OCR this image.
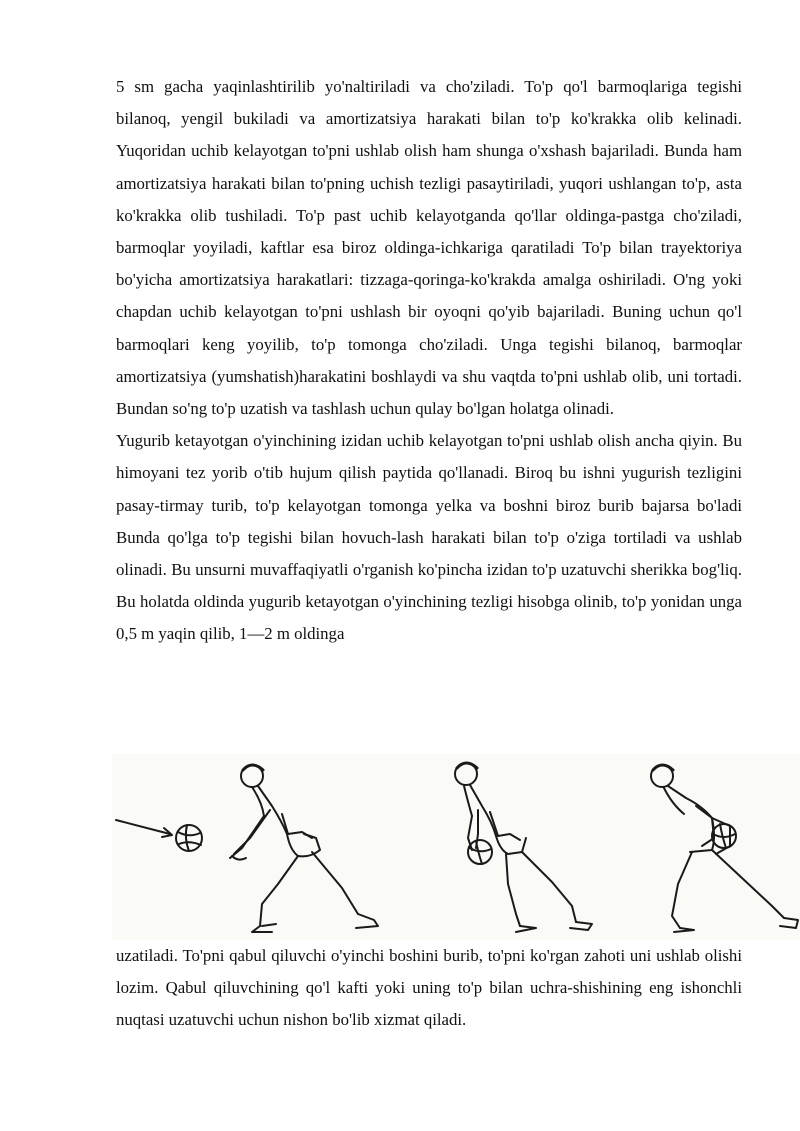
5 sm gacha yaqinlashtirilib yo'naltiriladi va cho'ziladi. To'p qo'l barmoqlariga tegishi bilanoq, yengil bukiladi va amortizatsiya harakati bilan to'p ko'krakka olib kelinadi. Yuqoridan uchib kelayotgan to'pni ushlab olish ham shunga o'xshash bajariladi. Bunda ham amortizatsiya harakati bilan to'pning uchish tezligi pasaytiriladi, yuqori ushlangan to'p, asta ko'krakka olib tushiladi. To'p past uchib kelayotganda qo'llar oldinga-pastga cho'ziladi, barmoqlar yoyiladi, kaftlar esa biroz oldinga-ichkariga qaratiladi To'p bilan trayektoriya bo'yicha amortizatsiya harakatlari: tizzaga-qoringa-ko'krakda amalga oshiriladi. O'ng yoki chapdan uchib kelayotgan to'pni ushlash bir oyoqni qo'yib bajariladi. Buning uchun qo'l barmoqlari keng yoyilib, to'p tomonga cho'ziladi. Unga tegishi bilanoq, barmoqlar amortizatsiya (yumshatish)harakatini boshlaydi va shu vaqtda to'pni ushlab olib, uni tortadi. Bundan so'ng to'p uzatish va tashlash uchun qulay bo'lgan holatga olinadi.

Yugurib ketayotgan o'yinchining izidan uchib kelayotgan to'pni ushlab olish ancha qiyin. Bu himoyani tez yorib o'tib hujum qilish paytida qo'llanadi. Biroq bu ishni yugurish tezligini pasay-tirmay turib, to'p kelayotgan tomonga yelka va boshni biroz burib bajarsa bo'ladi Bunda qo'lga to'p tegishi bilan hovuch-lash harakati bilan to'p o'ziga tortiladi va ushlab olinadi. Bu unsurni muvaffaqiyatli o'rganish ko'pincha izidan to'p uzatuvchi sherikka bog'liq. Bu holatda oldinda yugurib ketayotgan o'yinchining tezligi hisobga olinib, to'p yonidan unga 0,5 m yaqin qilib, 1—2 m oldinga

uzatiladi. To'pni qabul qiluvchi o'yinchi boshini burib, to'pni ko'rgan zahoti uni ushlab olishi lozim. Qabul qiluvchining qo'l kafti yoki uning to'p bilan uchra-shishining eng ishonchli nuqtasi uzatuvchi uchun nishon bo'lib xizmat qiladi.
